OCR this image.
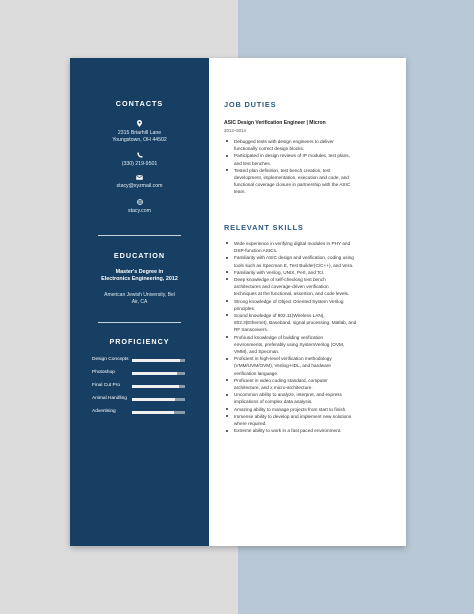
CONTACTS
2315 Briarhill Lane
Youngstown, OH 44502
(330) 219-9501
stacy@xyzmail.com
stacy.com
EDUCATION
Master's Degree in
Electronics Engineering, 2012
American Jewish University, Bel
Air, CA
PROFICIENCY
Design Concepts
Photoshop
Final Cut Pro
Animal Handling
Advertising
JOB DUTIES
ASIC Design Verification Engineer | Micron
2012–2014
Debugged tests with design engineers to deliver
functionally correct design blocks.
Participated in design reviews of IP modules, test plans,
and test benches.
Tested plan definition, test bench creation, test
development, implementation, execution and code, and
functional coverage closure in partnership with the ASIC
team.
RELEVANT SKILLS
Wide experience in verifying digital modules in PHY and
DSP-function ASICs.
Familiarity with ASIC design and verification, coding using
tools such as Specman E, Test Builder(C/C++), and Vera.
Familiarity with Verilog, UNIX, Perl, and Tcl.
Deep knowledge of self-checking test bench
architectures and coverage-driven verification
techniques at the functional, assertion, and code levels.
Strong knowledge of Object Oriented System Verilog
principles.
Sound knowledge of 802.11(Wireless LAN),
802.3(Ethernet), Baseband, signal processing, Matlab, and
RF transceivers.
Profound knowledge of building verification
environments, preferably using SystemVerilog (OVM,
VMM), and Specman.
Proficient in high-level verification methodology
(VMM/UVM/OVM), Verilog-HDL, and hardware
verification language.
Proficient in video coding standard, computer
architecture, and x micro-architecture.
Uncommon ability to analyze, interpret, and express
implications of complex data analysis.
Amazing ability to manage projects from start to finish.
Immense ability to develop and implement new solutions
where required.
Extreme ability to work in a fast paced environment.
